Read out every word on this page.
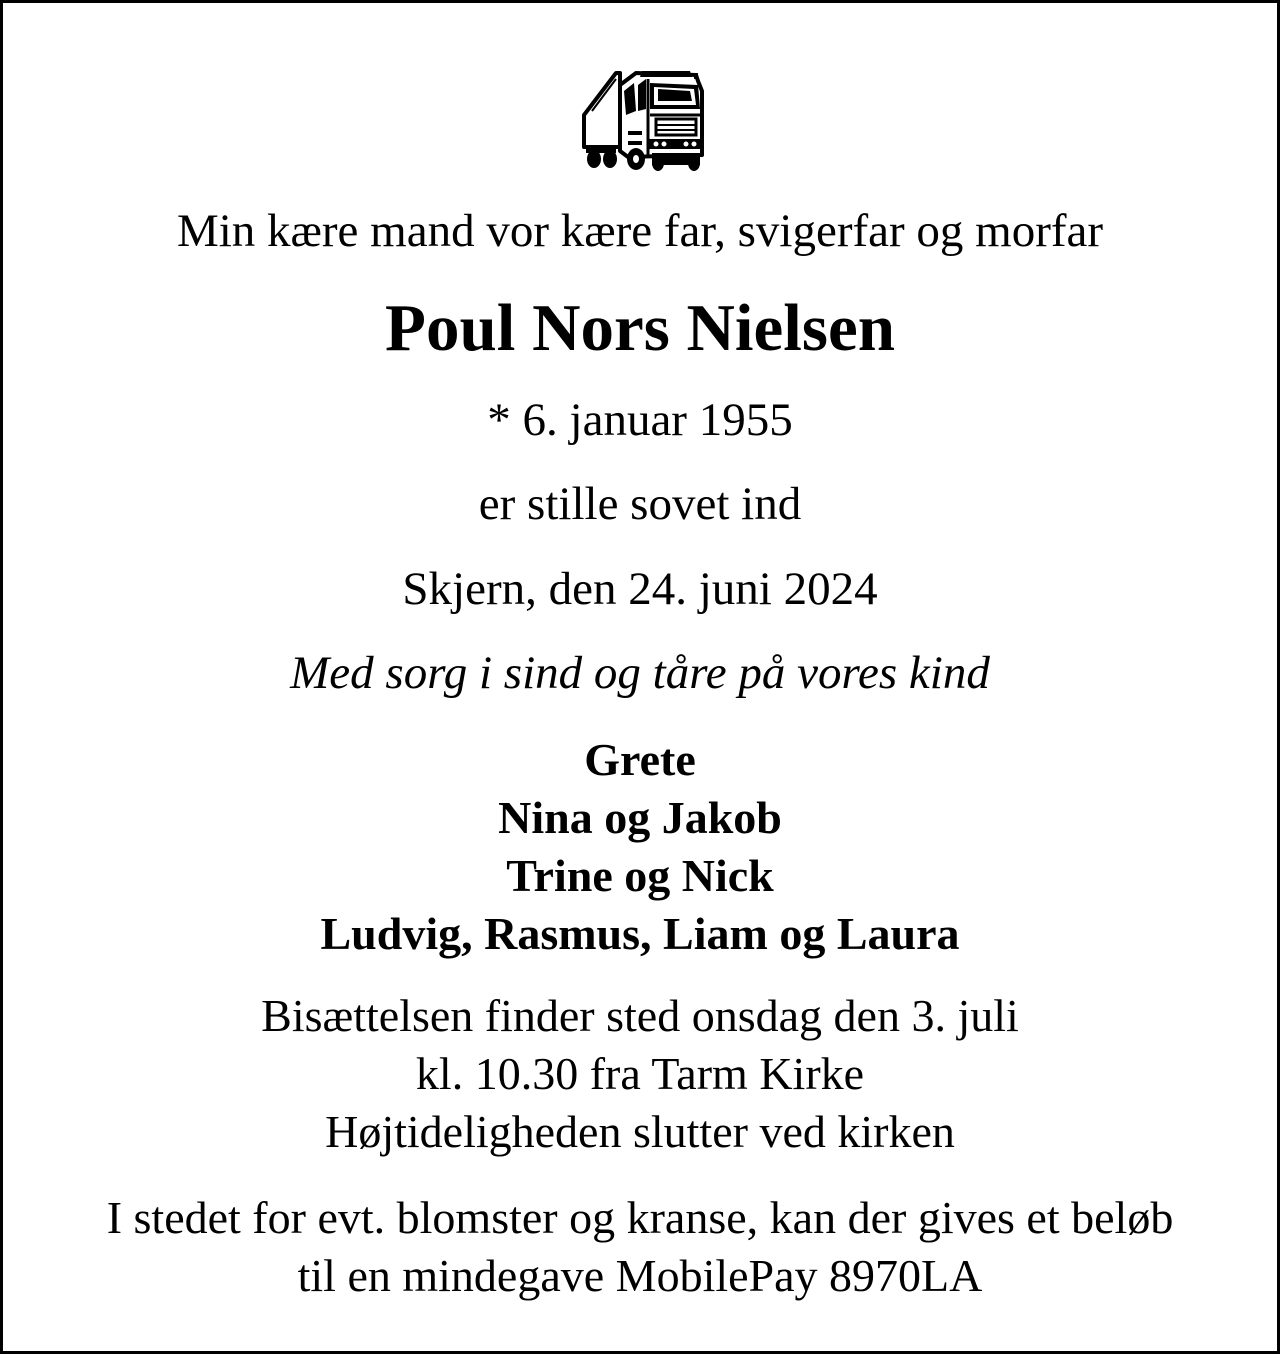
Min kære mand vor kære far, svigerfar og morfar
Poul Nors Nielsen
* 6. januar 1955
er stille sovet ind
Skjern, den 24. juni 2024
Med sorg i sind og tåre på vores kind
Grete
Nina og Jakob
Trine og Nick
Ludvig, Rasmus, Liam og Laura
Bisættelsen finder sted onsdag den 3. juli
kl. 10.30 fra Tarm Kirke
Højtideligheden slutter ved kirken
I stedet for evt. blomster og kranse, kan der gives et beløb
til en mindegave MobilePay 8970LA
